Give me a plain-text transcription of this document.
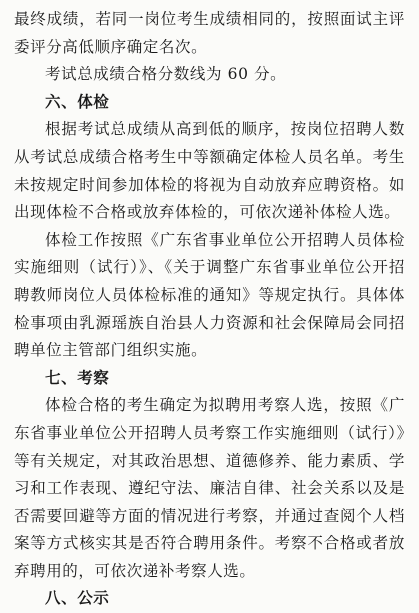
最终成绩，若同一岗位考生成绩相同的，按照面试主评委评分高低顺序确定名次。

考试总成绩合格分数线为 60 分。

六、体检

根据考试总成绩从高到低的顺序，按岗位招聘人数从考试总成绩合格考生中等额确定体检人员名单。考生未按规定时间参加体检的将视为自动放弃应聘资格。如出现体检不合格或放弃体检的，可依次递补体检人选。

体检工作按照《广东省事业单位公开招聘人员体检实施细则（试行）》、《关于调整广东省事业单位公开招聘教师岗位人员体检标准的通知》等规定执行。具体体检事项由乳源瑶族自治县人力资源和社会保障局会同招聘单位主管部门组织实施。

七、考察

体检合格的考生确定为拟聘用考察人选，按照《广东省事业单位公开招聘人员考察工作实施细则（试行）》等有关规定，对其政治思想、道德修养、能力素质、学习和工作表现、遵纪守法、廉洁自律、社会关系以及是否需要回避等方面的情况进行考察，并通过查阅个人档案等方式核实其是否符合聘用条件。考察不合格或者放弃聘用的，可依次递补考察人选。

八、公示
